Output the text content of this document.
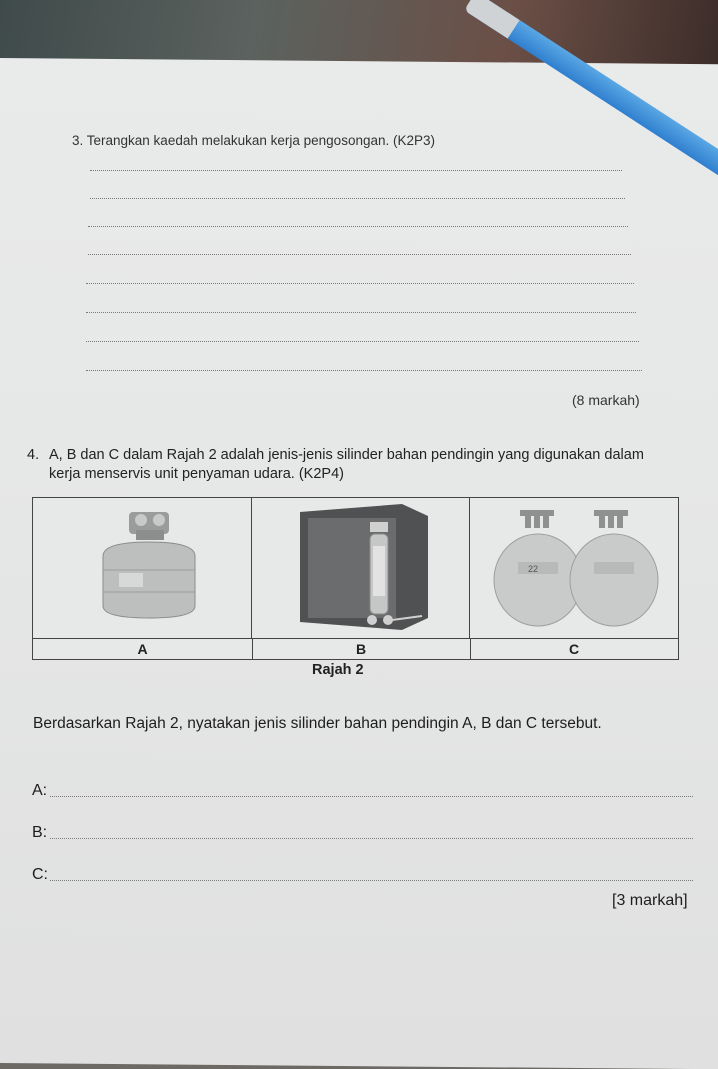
3. Terangkan kaedah melakukan kerja pengosongan. (K2P3)
(8 markah)
4. A, B dan C dalam Rajah 2 adalah jenis-jenis silinder bahan pendingin yang digunakan dalam kerja menservis unit penyaman udara. (K2P4)
22
A	B	C
Rajah 2
Berdasarkan Rajah 2, nyatakan jenis silinder bahan pendingin A, B dan C tersebut.
A:
B:
C:
[3 markah]
